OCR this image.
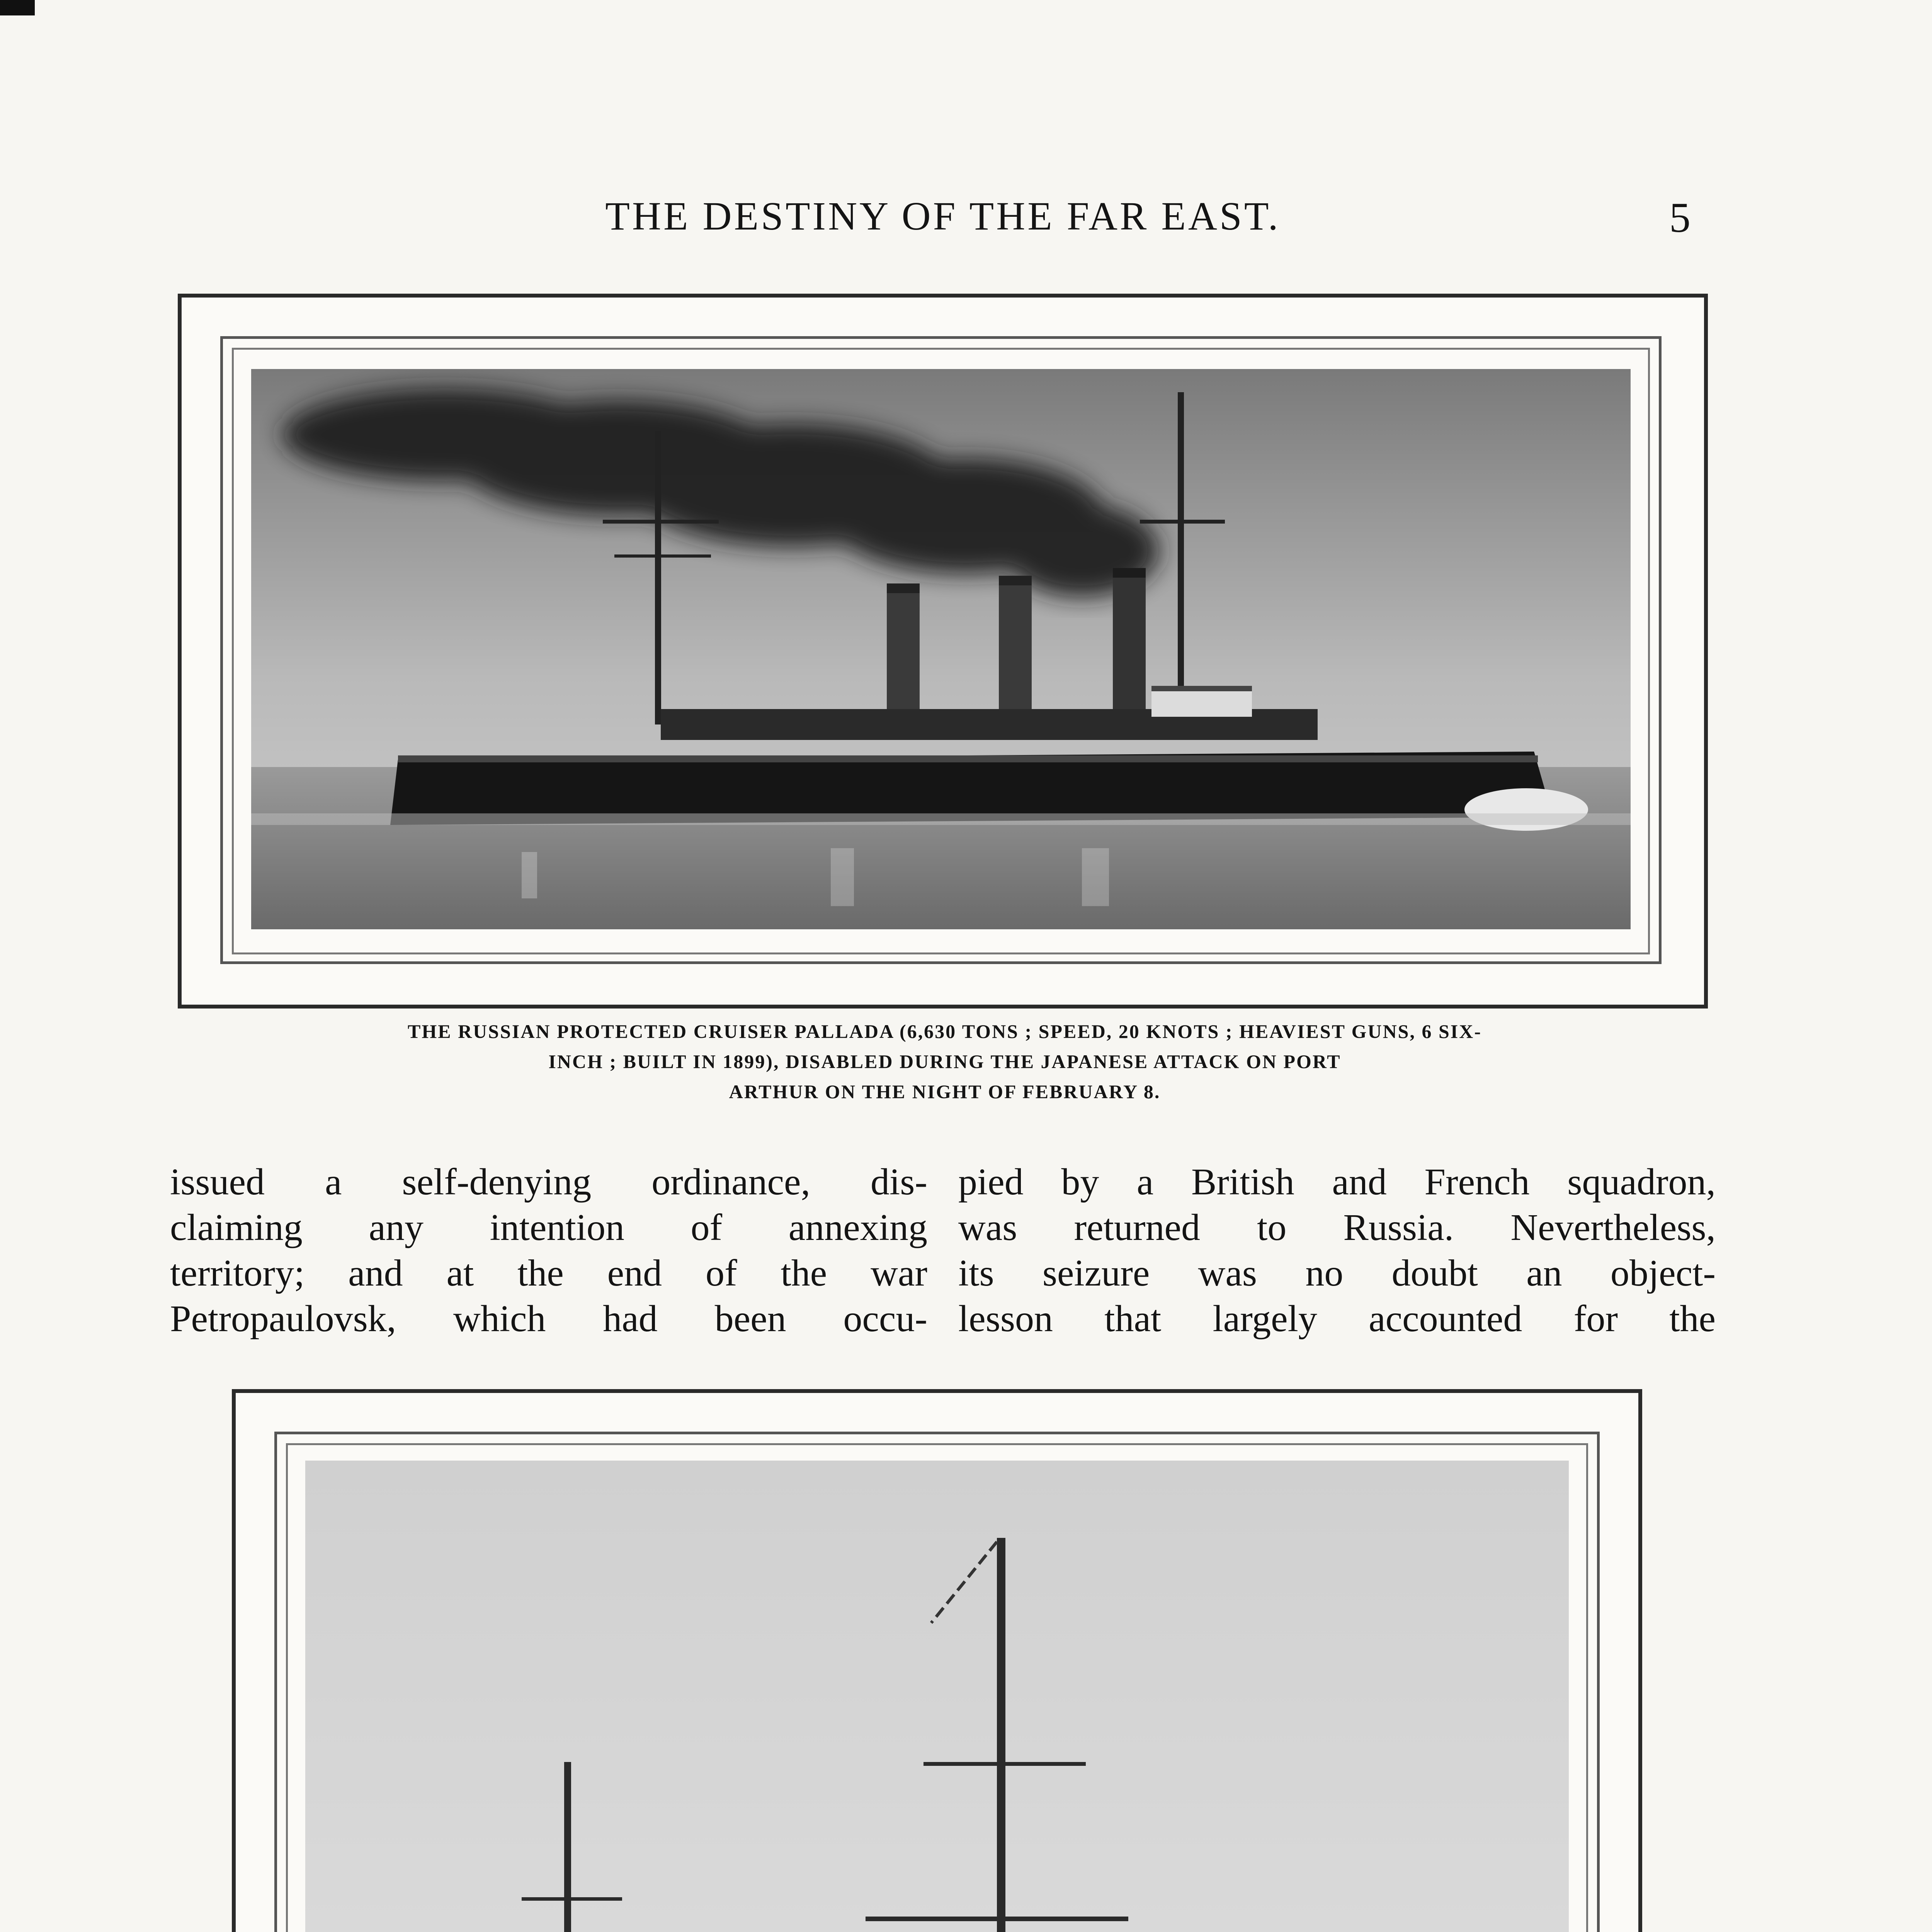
THE DESTINY OF THE FAR EAST.	5
THE RUSSIAN PROTECTED CRUISER PALLADA (6,630 TONS ; SPEED, 20 KNOTS ; HEAVIEST GUNS, 6 SIX-
INCH ; BUILT IN 1899), DISABLED DURING THE JAPANESE ATTACK ON PORT
ARTHUR ON THE NIGHT OF FEBRUARY 8.
issued a self-denying ordinance, dis-
claiming any intention of annexing
territory; and at the end of the war
Petropaulovsk, which had been occu-
pied by a British and French squadron,
was returned to Russia. Nevertheless,
its seizure was no doubt an object-
lesson that largely accounted for the
